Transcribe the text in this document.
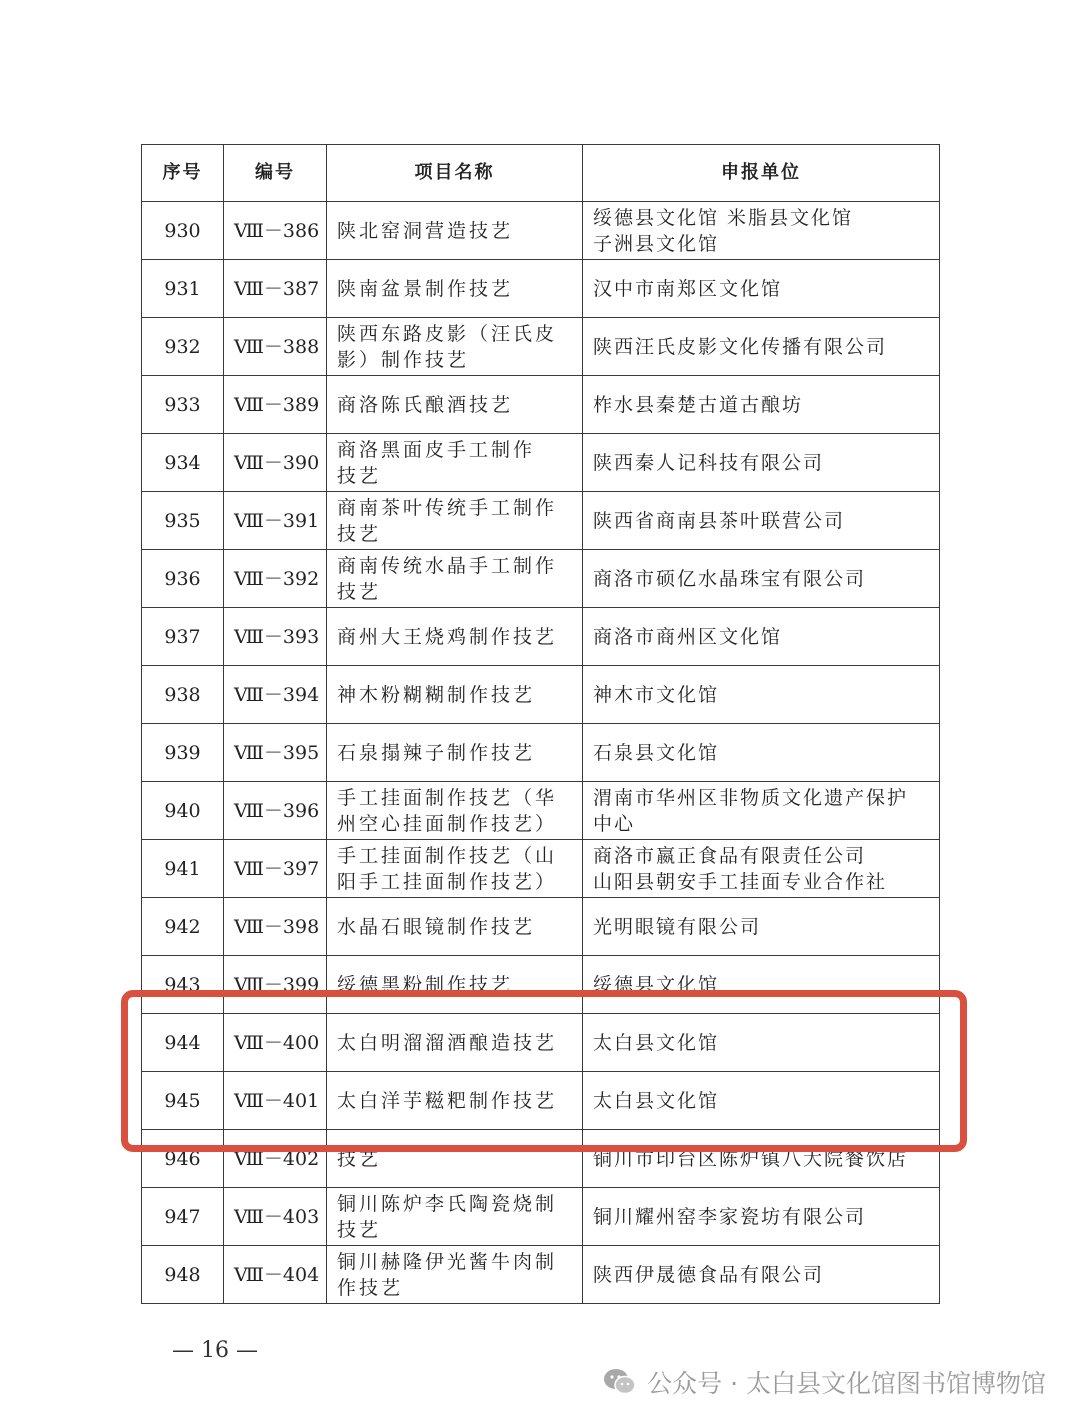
序号	编号	项目名称	申报单位
930	Ⅷ－386	陕北窑洞营造技艺	绥德县文化馆 米脂县文化馆
子洲县文化馆

931	Ⅷ－387	陕南盆景制作技艺	汉中市南郑区文化馆

932	Ⅷ－388	陕西东路皮影（汪氏皮
影）制作技艺	陕西汪氏皮影文化传播有限公司

933	Ⅷ－389	商洛陈氏酿酒技艺	柞水县秦楚古道古酿坊

934	Ⅷ－390	商洛黑面皮手工制作
技艺	陕西秦人记科技有限公司

935	Ⅷ－391	商南茶叶传统手工制作
技艺	陕西省商南县茶叶联营公司

936	Ⅷ－392	商南传统水晶手工制作
技艺	商洛市硕亿水晶珠宝有限公司

937	Ⅷ－393	商州大王烧鸡制作技艺	商洛市商州区文化馆

938	Ⅷ－394	神木粉糊糊制作技艺	神木市文化馆

939	Ⅷ－395	石泉搨辣子制作技艺	石泉县文化馆

940	Ⅷ－396	手工挂面制作技艺（华
州空心挂面制作技艺）	渭南市华州区非物质文化遗产保护
中心

941	Ⅷ－397	手工挂面制作技艺（山
阳手工挂面制作技艺）	商洛市嬴正食品有限责任公司
山阳县朝安手工挂面专业合作社

942	Ⅷ－398	水晶石眼镜制作技艺	光明眼镜有限公司

943	Ⅷ－399	绥德黑粉制作技艺	绥德县文化馆

944	Ⅷ－400	太白明溜溜酒酿造技艺	太白县文化馆

945	Ⅷ－401	太白洋芋糍粑制作技艺	太白县文化馆

946	Ⅷ－402	技艺	铜川市印台区陈炉镇八大院餐饮店

947	Ⅷ－403	铜川陈炉李氏陶瓷烧制
技艺	铜川耀州窑李家瓷坊有限公司

948	Ⅷ－404	铜川赫隆伊光酱牛肉制
作技艺	陕西伊晟德食品有限公司
— 16 —
公众号 · 太白县文化馆图书馆博物馆
